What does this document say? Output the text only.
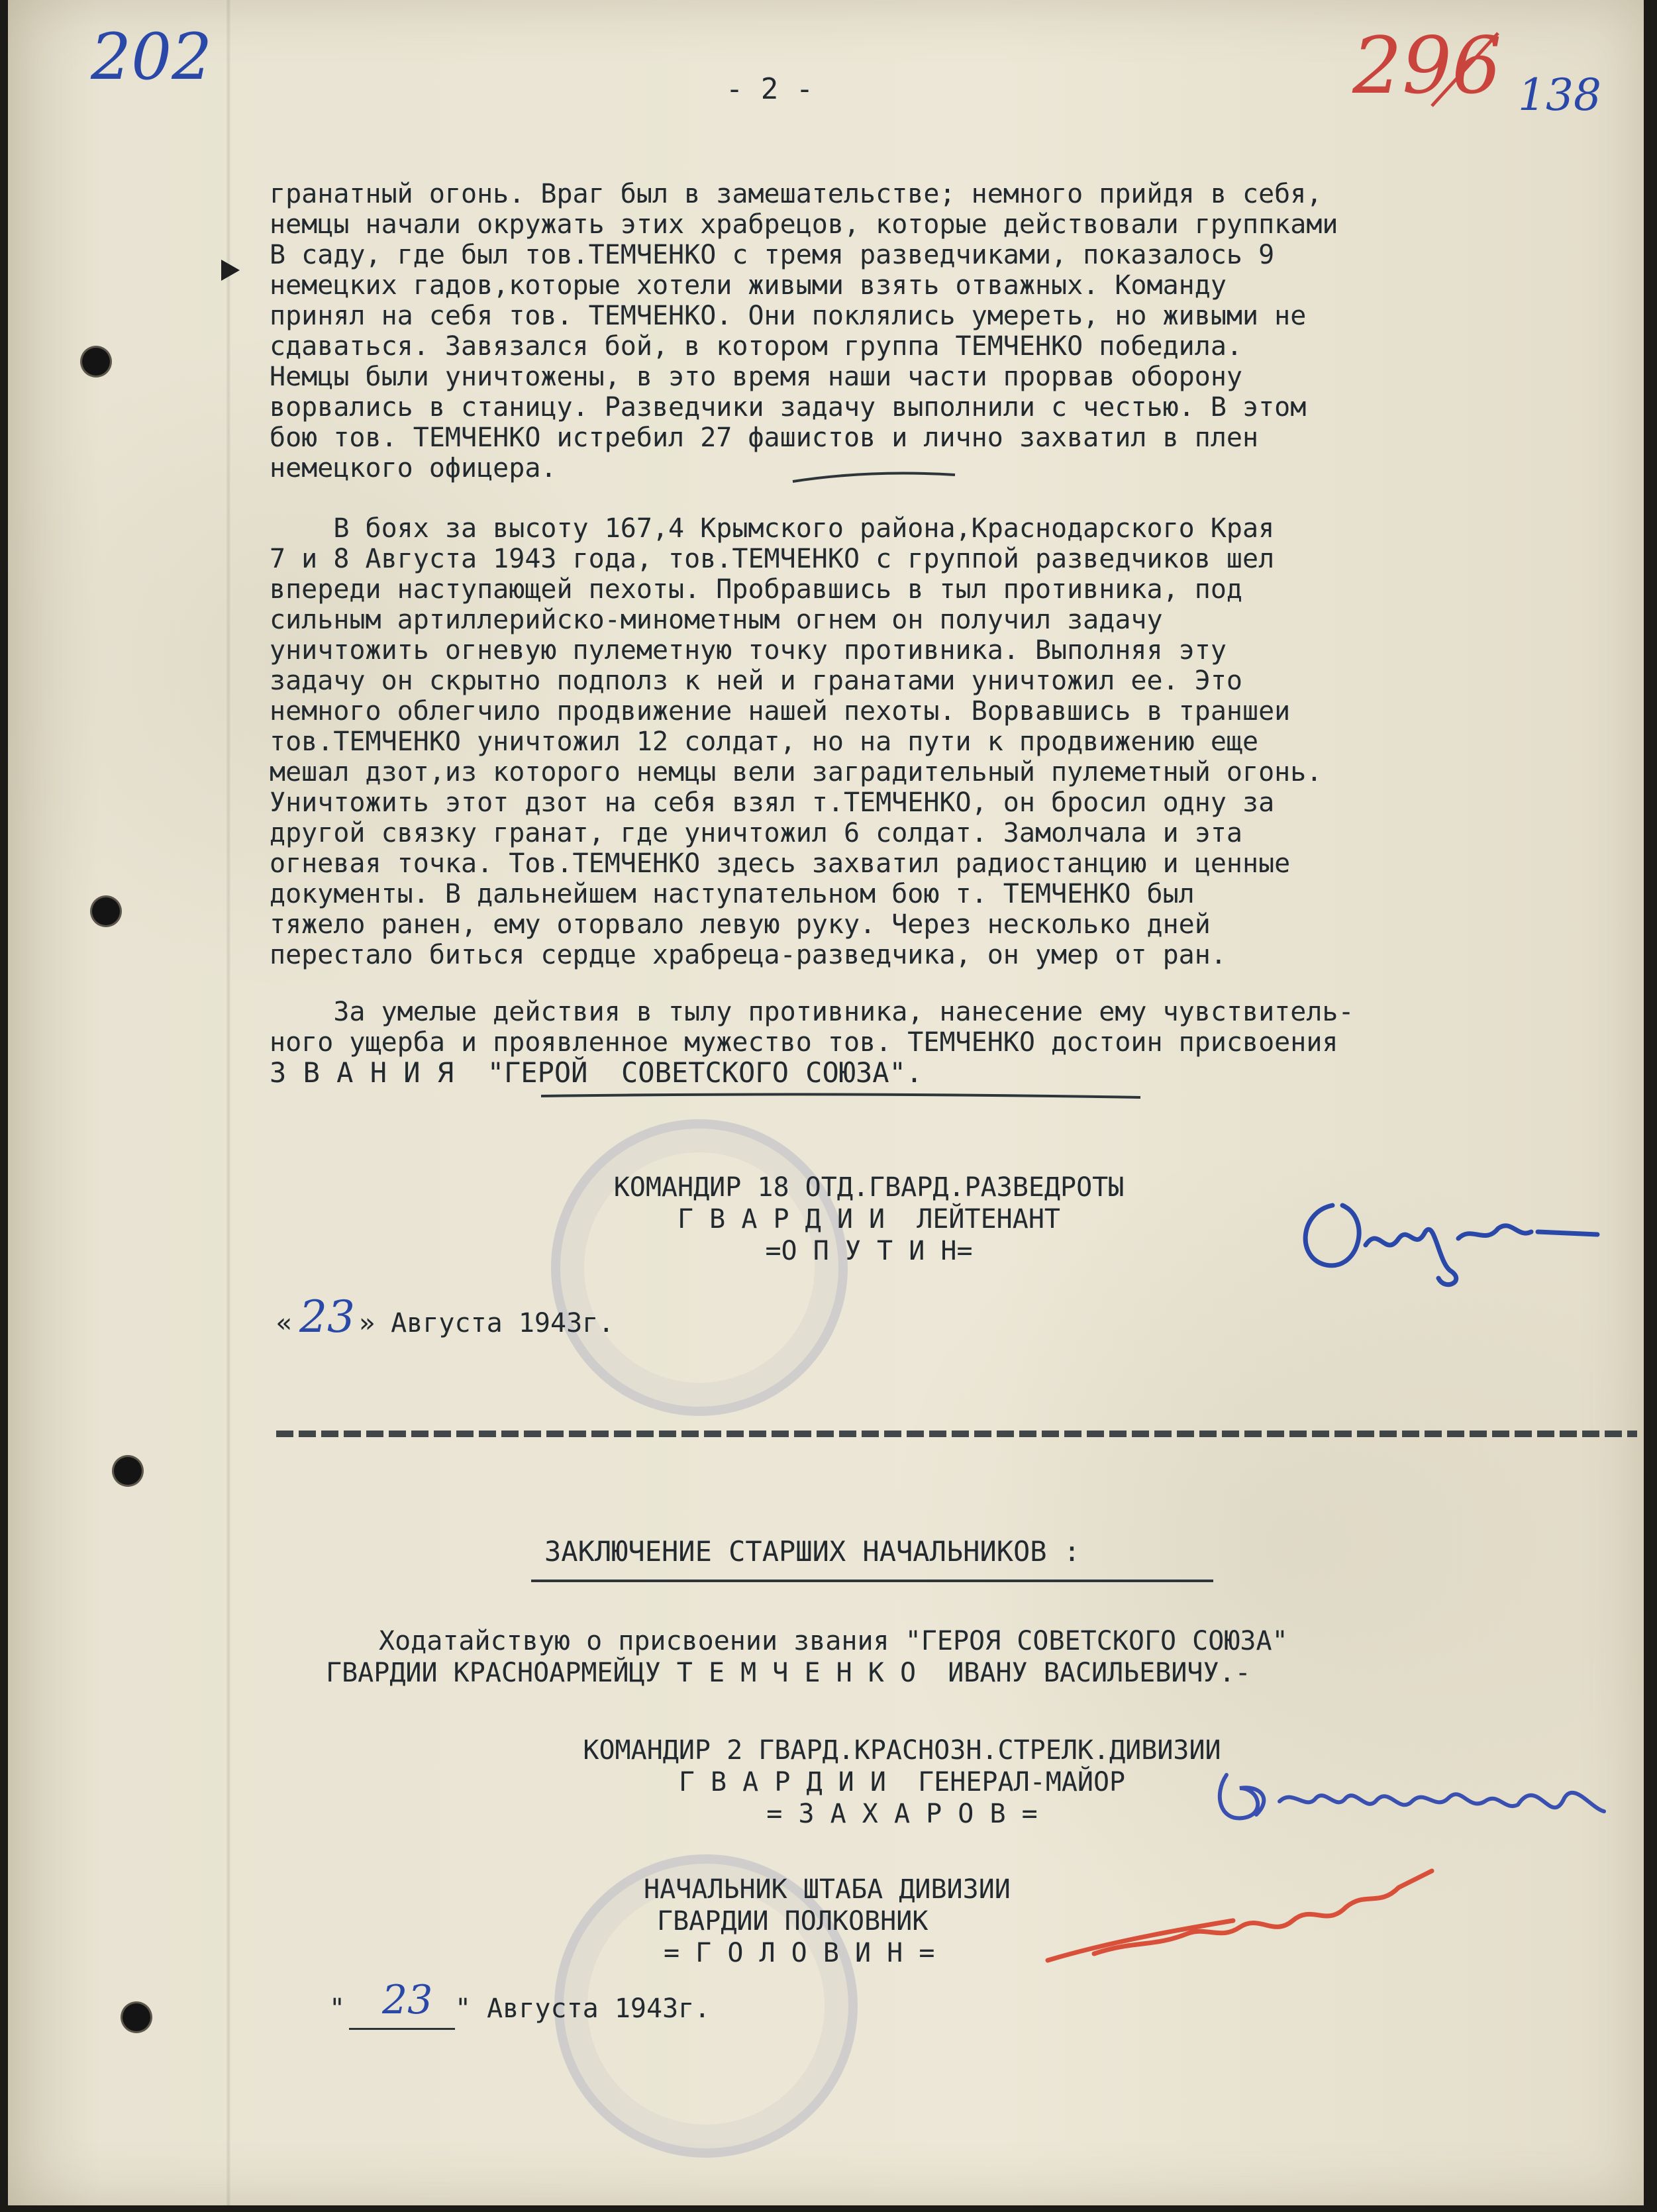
202	296 138
- 2 -
гранатный огонь. Враг был в замешательстве; немного прийдя в себя,
немцы начали окружать этих храбрецов, которые действовали группками
В саду, где был тов.ТЕМЧЕНКО с тремя разведчиками, показалось 9
немецких гадов,которые хотели живыми взять отважных. Команду
принял на себя тов. ТЕМЧЕНКО. Они поклялись умереть, но живыми не
сдаваться. Завязался бой, в котором группа ТЕМЧЕНКО победила.
Немцы были уничтожены, в это время наши части прорвав оборону
ворвались в станицу. Разведчики задачу выполнили с честью. В этом
бою тов. ТЕМЧЕНКО истребил 27 фашистов и лично захватил в плен
немецкого офицера.
В боях за высоту 167,4 Крымского района,Краснодарского Края
7 и 8 Августа 1943 года, тов.ТЕМЧЕНКО с группой разведчиков шел
впереди наступающей пехоты. Пробравшись в тыл противника, под
сильным артиллерийско-минометным огнем он получил задачу
уничтожить огневую пулеметную точку противника. Выполняя эту
задачу он скрытно подполз к ней и гранатами уничтожил ее. Это
немного облегчило продвижение нашей пехоты. Ворвавшись в траншеи
тов.ТЕМЧЕНКО уничтожил 12 солдат, но на пути к продвижению еще
мешал дзот,из которого немцы вели заградительный пулеметный огонь.
Уничтожить этот дзот на себя взял т.ТЕМЧЕНКО, он бросил одну за
другой связку гранат, где уничтожил 6 солдат. Замолчала и эта
огневая точка. Тов.ТЕМЧЕНКО здесь захватил радиостанцию и ценные
документы. В дальнейшем наступательном бою т. ТЕМЧЕНКО был
тяжело ранен, ему оторвало левую руку. Через несколько дней
перестало биться сердце храбреца-разведчика, он умер от ран.
За умелые действия в тылу противника, нанесение ему чувствитель-
ного ущерба и проявленное мужество тов. ТЕМЧЕНКО достоин присвоения
З В А Н И Я  "ГЕРОЙ  СОВЕТСКОГО СОЮЗА".
КОМАНДИР 18 ОТД.ГВАРД.РАЗВЕДРОТЫ
Г В А Р Д И И  ЛЕЙТЕНАНТ
=О П У Т И Н=
« 23 » Августа 1943г.
ЗАКЛЮЧЕНИЕ СТАРШИХ НАЧАЛЬНИКОВ :
Ходатайствую о присвоении звания "ГЕРОЯ СОВЕТСКОГО СОЮЗА"
ГВАРДИИ КРАСНОАРМЕЙЦУ Т Е М Ч Е Н К О  ИВАНУ ВАСИЛЬЕВИЧУ.-
КОМАНДИР 2 ГВАРД.КРАСНОЗН.СТРЕЛК.ДИВИЗИИ
Г В А Р Д И И  ГЕНЕРАЛ-МАЙОР
= З А Х А Р О В =
НАЧАЛЬНИК ШТАБА ДИВИЗИИ
ГВАРДИИ ПОЛКОВНИК
= Г О Л О В И Н =
" 23 " Августа 1943г.
